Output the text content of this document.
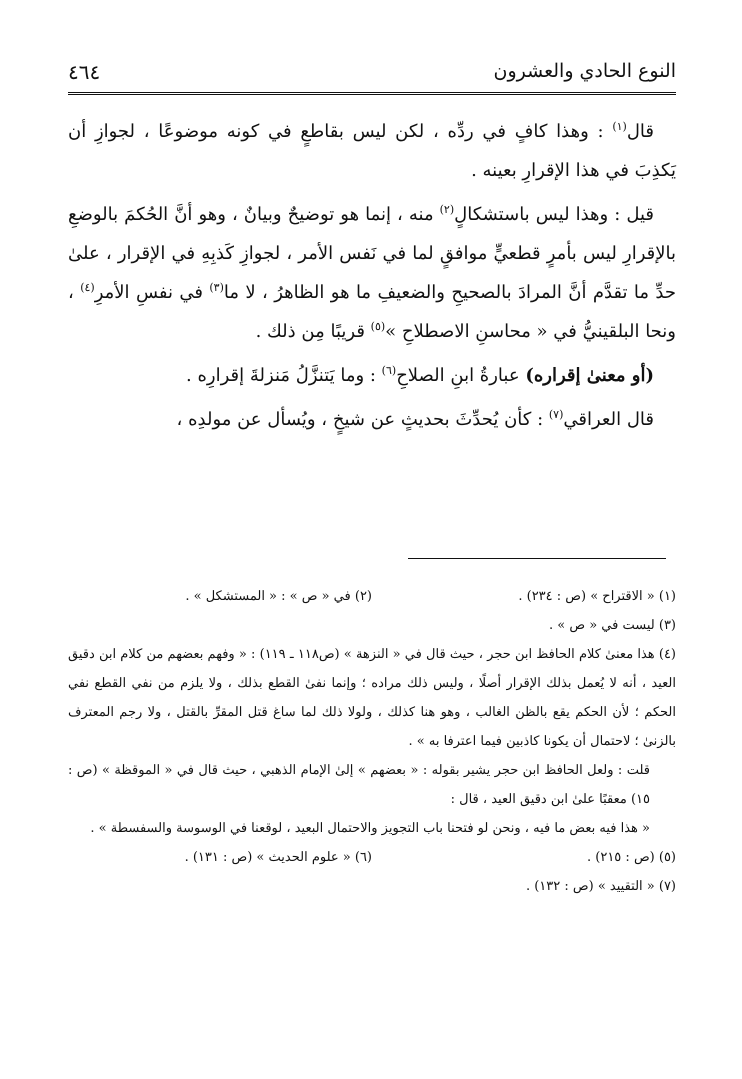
النوع الحادي والعشرون
٤٦٤

قال$^{(١)}$ : وهذا كافٍ في ردِّه ، لكن ليس بقاطعٍ في كونه موضوعًا ، لجوازِ أن يَكذِبَ في هذا الإقرارِ بعينه .

قيل : وهذا ليس باستشكالٍ$^{(٢)}$ منه ، إنما هو توضيحٌ وبيانٌ ، وهو أنَّ الحُكمَ بالوضعِ بالإقرارِ ليس بأمرٍ قطعيٍّ موافقٍ لما في نَفس الأمر ، لجوازِ كَذبِهِ في الإقرار ، علىٰ حدِّ ما تقدَّم أنَّ المرادَ بالصحيحِ والضعيفِ ما هو الظاهرُ ، لا ما$^{(٣)}$ في نفسِ الأمرِ$^{(٤)}$ ، ونحا البلقينيُّ في « محاسنِ الاصطلاحِ »$^{(٥)}$ قريبًا مِن ذلك .

(أو معنىٰ إقراره) عبارةُ ابنِ الصلاحِ$^{(٦)}$ : وما يَتنزَّلُ مَنزلةَ إقرارِه .

قال العراقي$^{(٧)}$ : كأن يُحدِّثَ بحديثٍ عن شيخٍ ، ويُسأل عن مولدِه ،

(١) « الاقتراح » (ص : ٢٣٤) .
(٢) في « ص » : « المستشكل » .

(٣) ليست في « ص » .

(٤) هذا معنىٰ كلام الحافظ ابن حجر ، حيث قال في « النزهة » (ص١١٨ ـ ١١٩) : « وفهم بعضهم من كلام ابن دقيق العيد ، أنه لا يُعمل بذلك الإقرار أصلًا ، وليس ذلك مراده ؛ وإنما نفىٰ القطع بذلك ، ولا يلزم من نفي القطع نفي الحكم ؛ لأن الحكم يقع بالظن الغالب ، وهو هنا كذلك ، ولولا ذلك لما ساغ قتل المقرِّ بالقتل ، ولا رجم المعترف بالزنىٰ ؛ لاحتمال أن يكونا كاذبين فيما اعترفا به » .

قلت : ولعل الحافظ ابن حجر يشير بقوله : « بعضهم » إلىٰ الإمام الذهبي ، حيث قال في « الموقظة » (ص : ١٥) معقبًا علىٰ ابن دقيق العيد ، قال :

« هذا فيه بعض ما فيه ، ونحن لو فتحنا باب التجويز والاحتمال البعيد ، لوقعنا في الوسوسة والسفسطة » .

(٥) (ص : ٢١٥) .
(٦) « علوم الحديث » (ص : ١٣١) .

(٧) « التقييد » (ص : ١٣٢) .
